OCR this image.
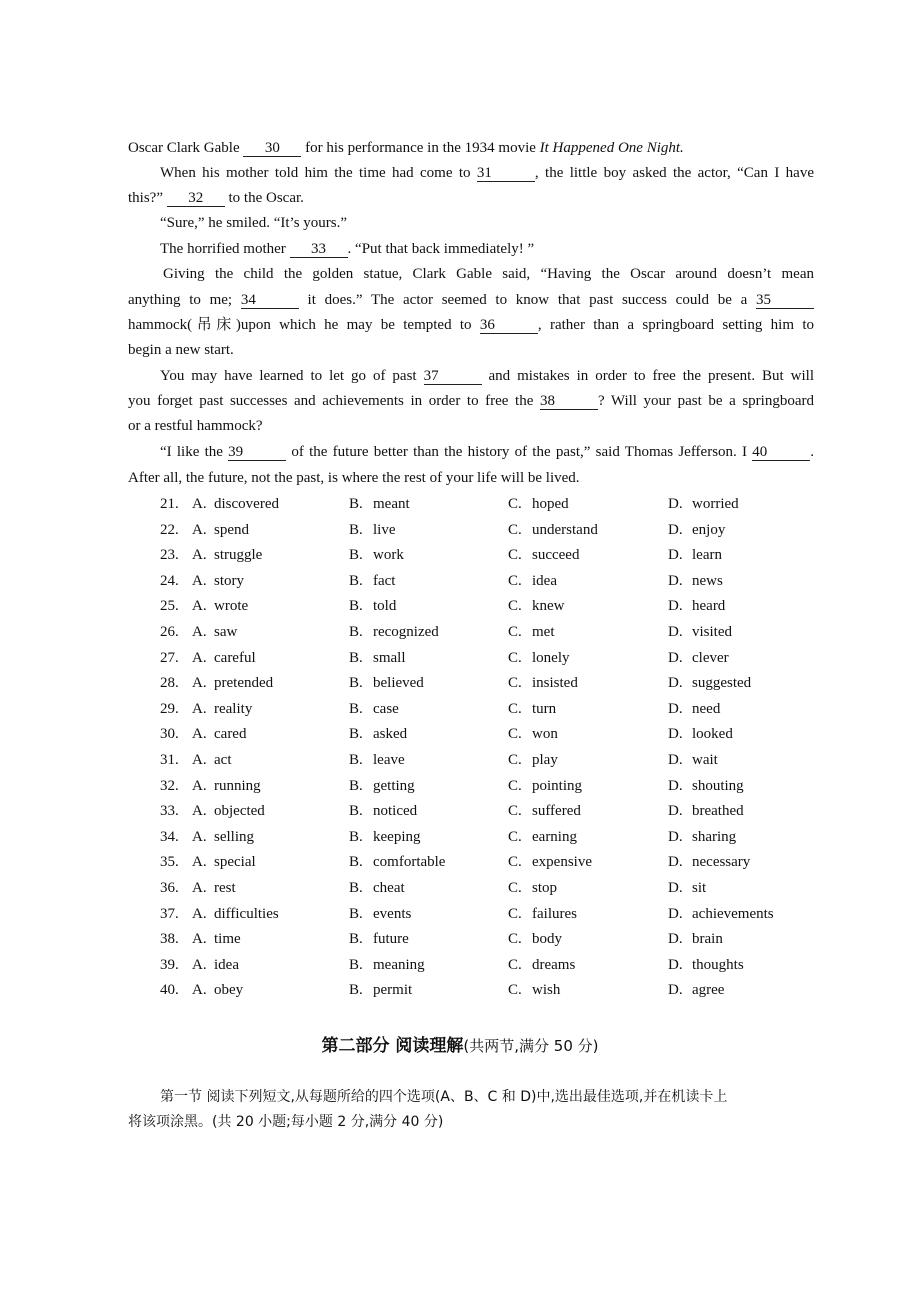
Oscar Clark Gable 30 for his performance in the 1934 movie It Happened One Night.
When his mother told him the time had come to 31	, the little boy asked the actor, “Can I have
this?” 32 to the Oscar.
“Sure,” he smiled. “It’s yours.”
The horrified mother 33 . “Put that back immediately! ”
Giving the child the golden statue, Clark Gable said, “Having the Oscar around doesn’t mean
anything to me; 34	it does.” The actor seemed to know that past success could be a 35
hammock(吊床)upon which he may be tempted to 36	, rather than a springboard setting him to
begin a new start.
You may have learned to let go of past 37	and mistakes in order to free the present. But will
you forget past successes and achievements in order to free the 38	? Will your past be a springboard
or a restful hammock?
“I like the 39	of the future better than the history of the past,” said Thomas Jefferson. I 40	.
After all, the future, not the past, is where the rest of your life will be lived.
21. A. discovered	B. meant	C. hoped	D. worried
22. A. spend	B. live	C. understand	D. enjoy
23. A. struggle	B. work	C. succeed	D. learn
24. A. story	B. fact	C. idea	D. news
25. A. wrote	B. told	C. knew	D. heard
26. A. saw	B. recognized	C. met	D. visited
27. A. careful	B. small	C. lonely	D. clever
28. A. pretended	B. believed	C. insisted	D. suggested
29. A. reality	B. case	C. turn	D. need
30. A. cared	B. asked	C. won	D. looked
31. A. act	B. leave	C. play	D. wait
32. A. running	B. getting	C. pointing	D. shouting
33. A. objected	B. noticed	C. suffered	D. breathed
34. A. selling	B. keeping	C. earning	D. sharing
35. A. special	B. comfortable	C. expensive	D. necessary
36. A. rest	B. cheat	C. stop	D. sit
37. A. difficulties	B. events	C. failures	D. achievements
38. A. time	B. future	C. body	D. brain
39. A. idea	B. meaning	C. dreams	D. thoughts
40. A. obey	B. permit	C. wish	D. agree
第二部分 阅读理解(共两节,满分 50 分)
第一节 阅读下列短文,从每题所给的四个选项(A、B、C 和 D)中,选出最佳选项,并在机读卡上
将该项涂黑。(共 20 小题;每小题 2 分,满分 40 分)
